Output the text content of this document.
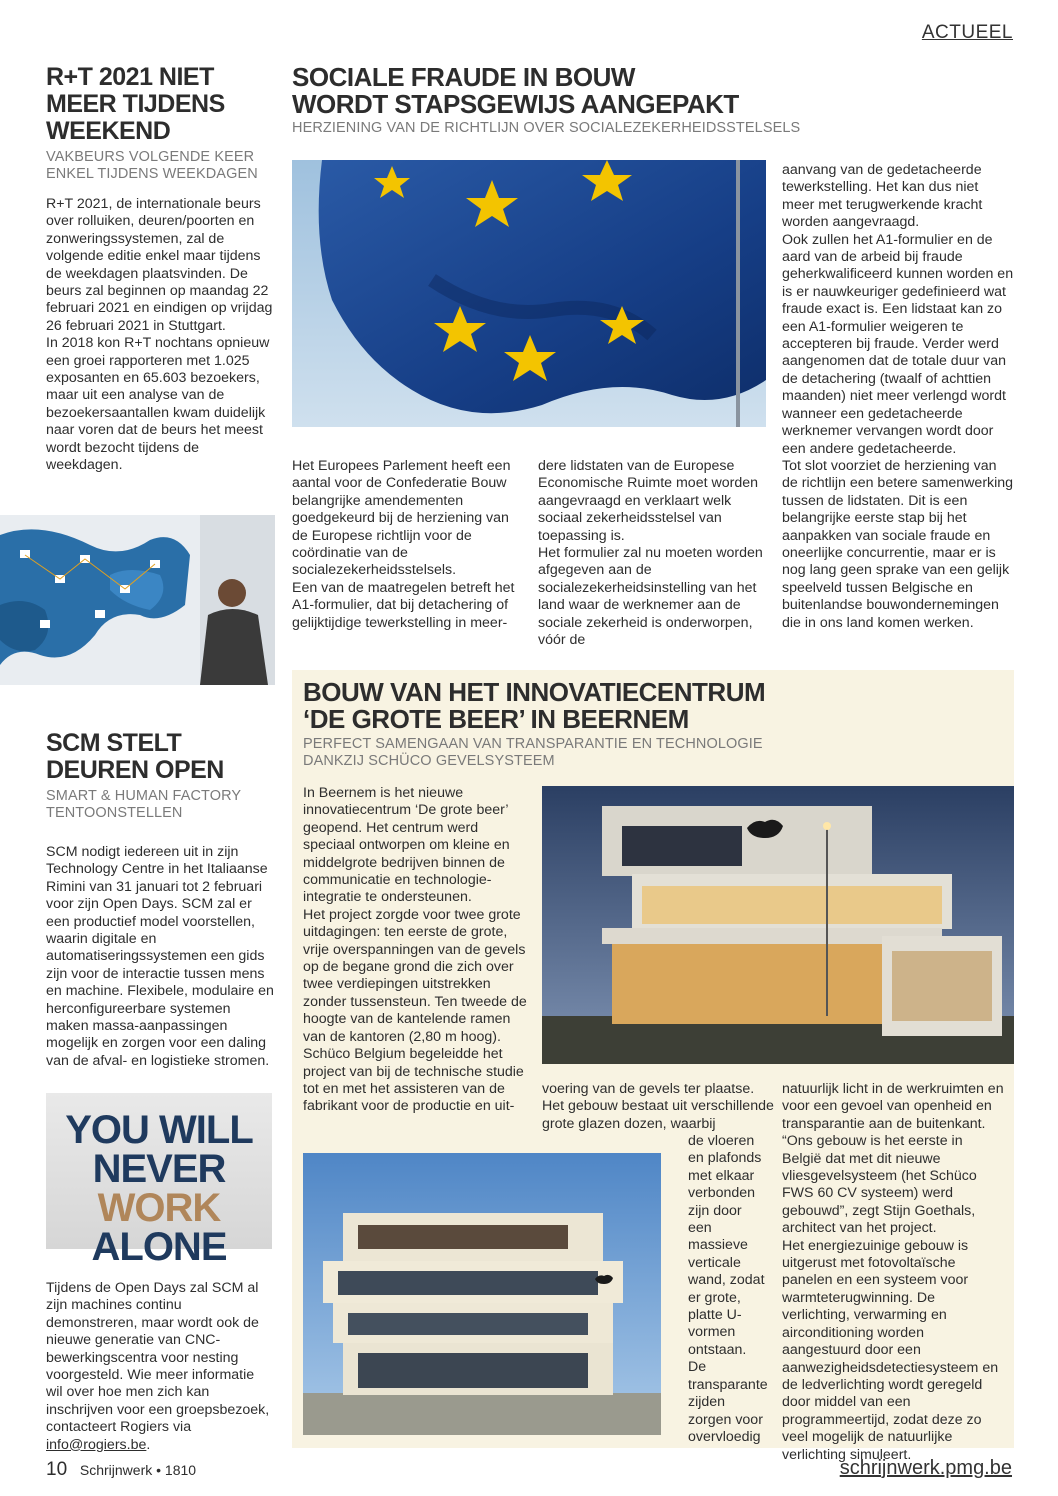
ACTUEEL
R+T 2021 NIET
MEER TIJDENS
WEEKEND
VAKBEURS VOLGENDE KEER
ENKEL TIJDENS WEEKDAGEN

R+T 2021, de internationale beurs over rolluiken, deuren/poorten en zonweringssystemen, zal de volgende editie enkel maar tijdens de weekdagen plaatsvinden. De beurs zal beginnen op maandag 22 februari 2021 en eindigen op vrijdag 26 februari 2021 in Stuttgart.

In 2018 kon R+T nochtans opnieuw een groei rapporteren met 1.025 exposanten en 65.603 bezoekers, maar uit een analyse van de bezoekersaantallen kwam duidelijk naar voren dat de beurs het meest wordt bezocht tijdens de weekdagen.

SCM STELT
DEUREN OPEN
SMART & HUMAN FACTORY
TENTOONSTELLEN

SCM nodigt iedereen uit in zijn Technology Centre in het Italiaanse Rimini van 31 januari tot 2 februari voor zijn Open Days. SCM zal er een productief model voorstellen, waarin digitale en automatiseringssystemen een gids zijn voor de interactie tussen mens en machine. Flexibele, modulaire en herconfigureerbare systemen maken massa-aanpassingen mogelijk en zorgen voor een daling van de afval- en logistieke stromen.

YOU WILL
NEVER WORK
ALONE

Tijdens de Open Days zal SCM al zijn machines continu demonstreren, maar wordt ook de nieuwe generatie van CNC-bewerkingscentra voor nesting voorgesteld. Wie meer informatie wil over hoe men zich kan inschrijven voor een groepsbezoek, contacteert Rogiers via info@rogiers.be.

SOCIALE FRAUDE IN BOUW
WORDT STAPSGEWIJS AANGEPAKT
HERZIENING VAN DE RICHTLIJN OVER SOCIALEZEKERHEIDSSTELSELS

Het Europees Parlement heeft een aantal voor de Confederatie Bouw belangrijke amendementen goedgekeurd bij de herziening van de Europese richtlijn voor de coördinatie van de socialezekerheidsstelsels.

Een van de maatregelen betreft het A1-formulier, dat bij detachering of gelijktijdige tewerkstelling in meer-

dere lidstaten van de Europese Economische Ruimte moet worden aangevraagd en verklaart welk sociaal zekerheidsstelsel van toepassing is.

Het formulier zal nu moeten worden afgegeven aan de socialezekerheidsinstelling van het land waar de werknemer aan de sociale zekerheid is onderworpen, vóór de

aanvang van de gedetacheerde tewerkstelling. Het kan dus niet meer met terugwerkende kracht worden aangevraagd.

Ook zullen het A1-formulier en de aard van de arbeid bij fraude geherkwalificeerd kunnen worden en is er nauwkeuriger gedefinieerd wat fraude exact is. Een lidstaat kan zo een A1-formulier weigeren te accepteren bij fraude. Verder werd aangenomen dat de totale duur van de detachering (twaalf of achttien maanden) niet meer verlengd wordt wanneer een gedetacheerde werknemer vervangen wordt door een andere gedetacheerde.

Tot slot voorziet de herziening van de richtlijn een betere samenwerking tussen de lidstaten. Dit is een belangrijke eerste stap bij het aanpakken van sociale fraude en oneerlijke concurrentie, maar er is nog lang geen sprake van een gelijk speelveld tussen Belgische en buitenlandse bouwondernemingen die in ons land komen werken.

BOUW VAN HET INNOVATIECENTRUM
‘DE GROTE BEER’ IN BEERNEM
PERFECT SAMENGAAN VAN TRANSPARANTIE EN TECHNOLOGIE
DANKZIJ SCHÜCO GEVELSYSTEEM

In Beernem is het nieuwe innovatiecentrum ‘De grote beer’ geopend. Het centrum werd speciaal ontworpen om kleine en middelgrote bedrijven binnen de communicatie en technologie-integratie te ondersteunen.

Het project zorgde voor twee grote uitdagingen: ten eerste de grote, vrije overspanningen van de gevels op de begane grond die zich over twee verdiepingen uitstrekken zonder tussensteun. Ten tweede de hoogte van de kantelende ramen van de kantoren (2,80 m hoog).

Schüco Belgium begeleidde het project van bij de technische studie tot en met het assisteren van de fabrikant voor de productie en uit-

voering van de gevels ter plaatse. Het gebouw bestaat uit verschillende grote glazen dozen, waarbij

de vloeren en plafonds met elkaar verbonden zijn door een massieve verticale wand, zodat er grote, platte U-vormen ontstaan. De transparante zijden zorgen voor overvloedig

natuurlijk licht in de werkruimten en voor een gevoel van openheid en transparantie aan de buitenkant. “Ons gebouw is het eerste in België dat met dit nieuwe vliesgevelsysteem (het Schüco FWS 60 CV systeem) werd gebouwd”, zegt Stijn Goethals, architect van het project.

Het energiezuinige gebouw is uitgerust met fotovoltaïsche panelen en een systeem voor warmteterugwinning. De verlichting, verwarming en airconditioning worden aangestuurd door een aanwezigheidsdetectiesysteem en de ledverlichting wordt geregeld door middel van een programmeertijd, zodat deze zo veel mogelijk de natuurlijke verlichting simuleert.

10 Schrijnwerk • 1810	schrijnwerk.pmg.be
